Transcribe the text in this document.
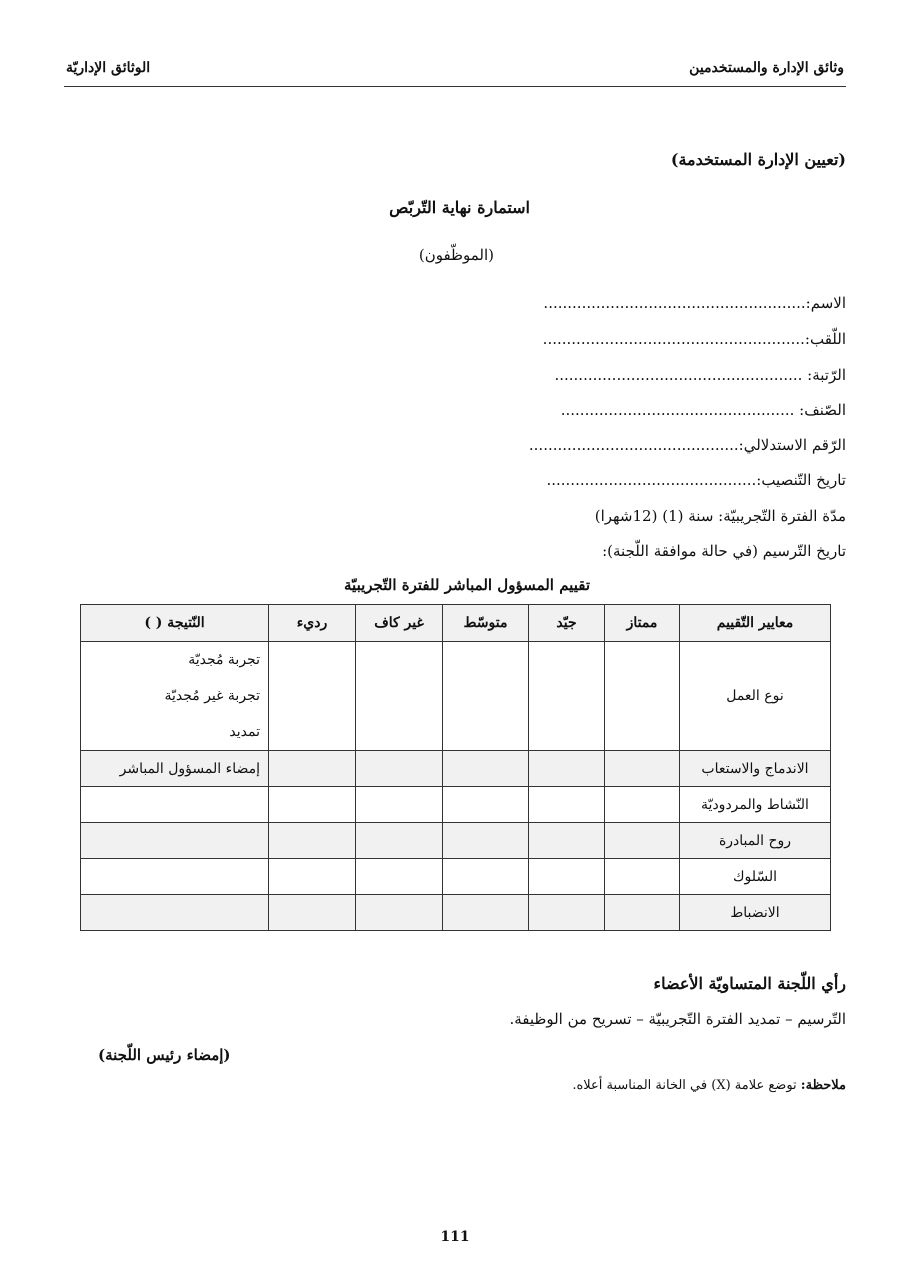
وثائق الإدارة والمستخدمين
الوثائق الإداريّة
(تعيين الإدارة المستخدمة)
استمارة نهاية التّربّص
(الموظّفون)
الاسم:.......................................................
اللّقب:.......................................................
الرّتبة: ....................................................
الصّنف: .................................................
الرّقم الاستدلالي:............................................
تاريخ التّنصيب:............................................
مدّة الفترة التّجريبيّة: سنة (1) (12شهرا)
تاريخ التّرسيم (في حالة موافقة اللّجنة):
تقييم المسؤول المباشر للفترة التّجريبيّة
معايير التّقييم	ممتاز	جيّد	متوسّط	غير كاف	رديء	النّتيجة ( )
نوع العمل						تجربة مُجديّة
تجربة غير مُجديّة
تمديد

الاندماج والاستعاب						إمضاء المسؤول المباشر
النّشاط والمردوديّة						
روح المبادرة						
السّلوك						
الانضباط						
رأي اللّجنة المتساويّة الأعضاء
التّرسيم – تمديد الفترة التّجريبيّة – تسريح من الوظيفة.
(إمضاء رئيس اللّجنة)
ملاحظة: توضع علامة (X) في الخانة المناسبة أعلاه.
111
